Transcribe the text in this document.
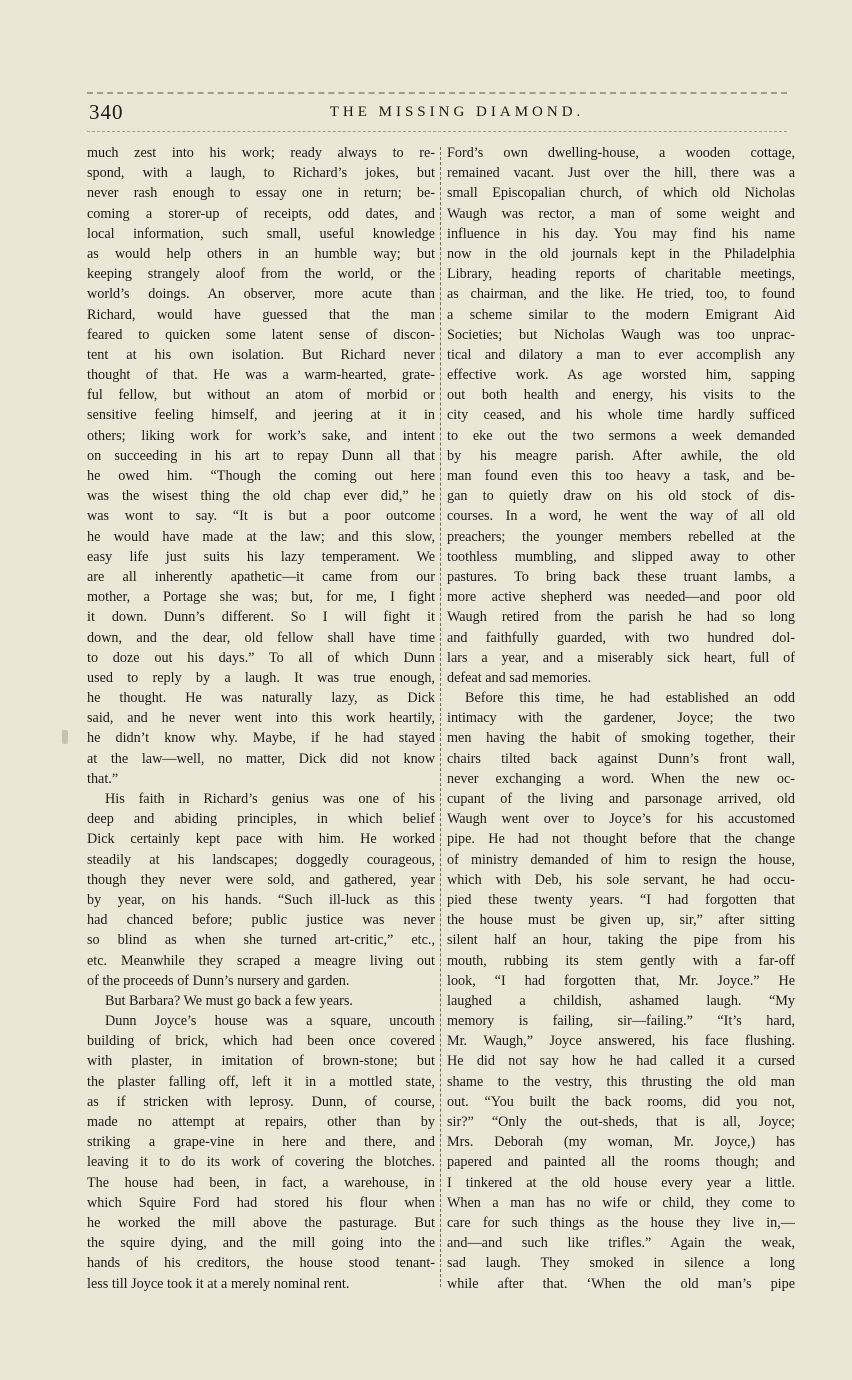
340	THE MISSING DIAMOND.
much zest into his work; ready always to re-
spond, with a laugh, to Richard’s jokes, but
never rash enough to essay one in return; be-
coming a storer-up of receipts, odd dates, and
local information, such small, useful knowledge
as would help others in an humble way; but
keeping strangely aloof from the world, or the
world’s doings. An observer, more acute than
Richard, would have guessed that the man
feared to quicken some latent sense of discon-
tent at his own isolation. But Richard never
thought of that. He was a warm-hearted, grate-
ful fellow, but without an atom of morbid or
sensitive feeling himself, and jeering at it in
others; liking work for work’s sake, and intent
on succeeding in his art to repay Dunn all that
he owed him. “Though the coming out here
was the wisest thing the old chap ever did,” he
was wont to say. “It is but a poor outcome
he would have made at the law; and this slow,
easy life just suits his lazy temperament. We
are all inherently apathetic—it came from our
mother, a Portage she was; but, for me, I fight
it down. Dunn’s different. So I will fight it
down, and the dear, old fellow shall have time
to doze out his days.” To all of which Dunn
used to reply by a laugh. It was true enough,
he thought. He was naturally lazy, as Dick
said, and he never went into this work heartily,
he didn’t know why. Maybe, if he had stayed
at the law—well, no matter, Dick did not know
that.”
His faith in Richard’s genius was one of his
deep and abiding principles, in which belief
Dick certainly kept pace with him. He worked
steadily at his landscapes; doggedly courageous,
though they never were sold, and gathered, year
by year, on his hands. “Such ill-luck as this
had chanced before; public justice was never
so blind as when she turned art-critic,” etc.,
etc. Meanwhile they scraped a meagre living out
of the proceeds of Dunn’s nursery and garden.
But Barbara? We must go back a few years.
Dunn Joyce’s house was a square, uncouth
building of brick, which had been once covered
with plaster, in imitation of brown-stone; but
the plaster falling off, left it in a mottled state,
as if stricken with leprosy. Dunn, of course,
made no attempt at repairs, other than by
striking a grape-vine in here and there, and
leaving it to do its work of covering the blotches.
The house had been, in fact, a warehouse, in
which Squire Ford had stored his flour when
he worked the mill above the pasturage. But
the squire dying, and the mill going into the
hands of his creditors, the house stood tenant-
less till Joyce took it at a merely nominal rent.
Ford’s own dwelling-house, a wooden cottage,
remained vacant. Just over the hill, there was a
small Episcopalian church, of which old Nicholas
Waugh was rector, a man of some weight and
influence in his day. You may find his name
now in the old journals kept in the Philadelphia
Library, heading reports of charitable meetings,
as chairman, and the like. He tried, too, to found
a scheme similar to the modern Emigrant Aid
Societies; but Nicholas Waugh was too unprac-
tical and dilatory a man to ever accomplish any
effective work. As age worsted him, sapping
out both health and energy, his visits to the
city ceased, and his whole time hardly sufficed
to eke out the two sermons a week demanded
by his meagre parish. After awhile, the old
man found even this too heavy a task, and be-
gan to quietly draw on his old stock of dis-
courses. In a word, he went the way of all old
preachers; the younger members rebelled at the
toothless mumbling, and slipped away to other
pastures. To bring back these truant lambs, a
more active shepherd was needed—and poor old
Waugh retired from the parish he had so long
and faithfully guarded, with two hundred dol-
lars a year, and a miserably sick heart, full of
defeat and sad memories.
Before this time, he had established an odd
intimacy with the gardener, Joyce; the two
men having the habit of smoking together, their
chairs tilted back against Dunn’s front wall,
never exchanging a word. When the new oc-
cupant of the living and parsonage arrived, old
Waugh went over to Joyce’s for his accustomed
pipe. He had not thought before that the change
of ministry demanded of him to resign the house,
which with Deb, his sole servant, he had occu-
pied these twenty years. “I had forgotten that
the house must be given up, sir,” after sitting
silent half an hour, taking the pipe from his
mouth, rubbing its stem gently with a far-off
look, “I had forgotten that, Mr. Joyce.” He
laughed a childish, ashamed laugh. “My
memory is failing, sir—failing.” “It’s hard,
Mr. Waugh,” Joyce answered, his face flushing.
He did not say how he had called it a cursed
shame to the vestry, this thrusting the old man
out. “You built the back rooms, did you not,
sir?” “Only the out-sheds, that is all, Joyce;
Mrs. Deborah (my woman, Mr. Joyce,) has
papered and painted all the rooms though; and
I tinkered at the old house every year a little.
When a man has no wife or child, they come to
care for such things as the house they live in,—
and—and such like trifles.” Again the weak,
sad laugh. They smoked in silence a long
while after that. ‘When the old man’s pipe
